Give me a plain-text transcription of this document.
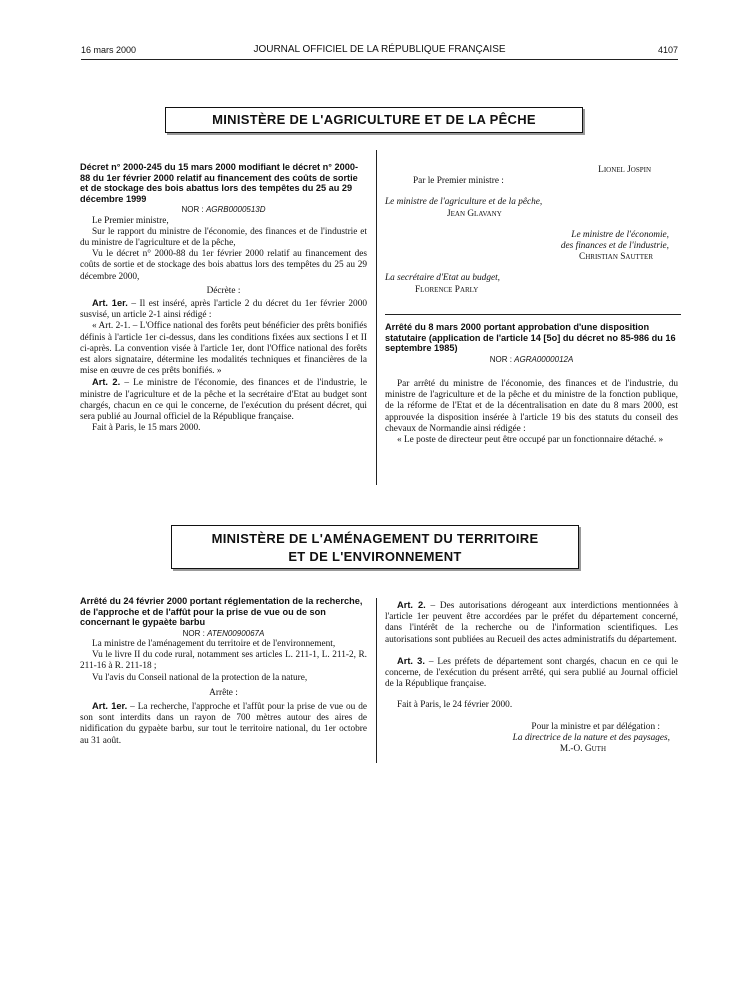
16 mars 2000	JOURNAL OFFICIEL DE LA RÉPUBLIQUE FRANÇAISE	4107
MINISTÈRE DE L'AGRICULTURE ET DE LA PÊCHE

Décret n° 2000-245 du 15 mars 2000 modifiant le décret n° 2000-88 du 1er février 2000 relatif au financement des coûts de sortie et de stockage des bois abattus lors des tempêtes du 25 au 29 décembre 1999

NOR : AGRB0000513D

Le Premier ministre,

Sur le rapport du ministre de l'économie, des finances et de l'industrie et du ministre de l'agriculture et de la pêche,

Vu le décret n° 2000-88 du 1er février 2000 relatif au financement des coûts de sortie et de stockage des bois abattus lors des tempêtes du 25 au 29 décembre 2000,

Décrète :

Art. 1er. – Il est inséré, après l'article 2 du décret du 1er février 2000 susvisé, un article 2-1 ainsi rédigé :

« Art. 2-1. – L'Office national des forêts peut bénéficier des prêts bonifiés définis à l'article 1er ci-dessus, dans les conditions fixées aux sections I et II ci-après. La convention visée à l'article 1er, dont l'Office national des forêts est alors signataire, détermine les modalités techniques et financières de la mise en œuvre de ces prêts bonifiés. »

Art. 2. – Le ministre de l'économie, des finances et de l'industrie, le ministre de l'agriculture et de la pêche et la secrétaire d'Etat au budget sont chargés, chacun en ce qui le concerne, de l'exécution du présent décret, qui sera publié au Journal officiel de la République française.

Fait à Paris, le 15 mars 2000.

Lionel Jospin

Par le Premier ministre :

Le ministre de l'agriculture et de la pêche,

Jean Glavany

Le ministre de l'économie,

des finances et de l'industrie,

Christian Sautter

La secrétaire d'Etat au budget,

Florence Parly

Arrêté du 8 mars 2000 portant approbation d'une disposition statutaire (application de l'article 14 [5o] du décret no 85-986 du 16 septembre 1985)

NOR : AGRA0000012A

Par arrêté du ministre de l'économie, des finances et de l'industrie, du ministre de l'agriculture et de la pêche et du ministre de la fonction publique, de la réforme de l'Etat et de la décentralisation en date du 8 mars 2000, est approuvée la disposition insérée à l'article 19 bis des statuts du conseil des chevaux de Normandie ainsi rédigée :

« Le poste de directeur peut être occupé par un fonctionnaire détaché. »

MINISTÈRE DE L'AMÉNAGEMENT DU TERRITOIRE
ET DE L'ENVIRONNEMENT

Arrêté du 24 février 2000 portant réglementation de la recherche, de l'approche et de l'affût pour la prise de vue ou de son concernant le gypaète barbu

NOR : ATEN0090067A

La ministre de l'aménagement du territoire et de l'environnement,

Vu le livre II du code rural, notamment ses articles L. 211-1, L. 211-2, R. 211-16 à R. 211-18 ;

Vu l'avis du Conseil national de la protection de la nature,

Arrête :

Art. 1er. – La recherche, l'approche et l'affût pour la prise de vue ou de son sont interdits dans un rayon de 700 mètres autour des aires de nidification du gypaète barbu, sur tout le territoire national, du 1er octobre au 31 août.

Art. 2. – Des autorisations dérogeant aux interdictions mentionnées à l'article 1er peuvent être accordées par le préfet du département concerné, dans l'intérêt de la recherche ou de l'information scientifiques. Les autorisations sont publiées au Recueil des actes administratifs du département.

Art. 3. – Les préfets de département sont chargés, chacun en ce qui le concerne, de l'exécution du présent arrêté, qui sera publié au Journal officiel de la République française.

Fait à Paris, le 24 février 2000.

Pour la ministre et par délégation :

La directrice de la nature et des paysages,

M.-O. Guth
